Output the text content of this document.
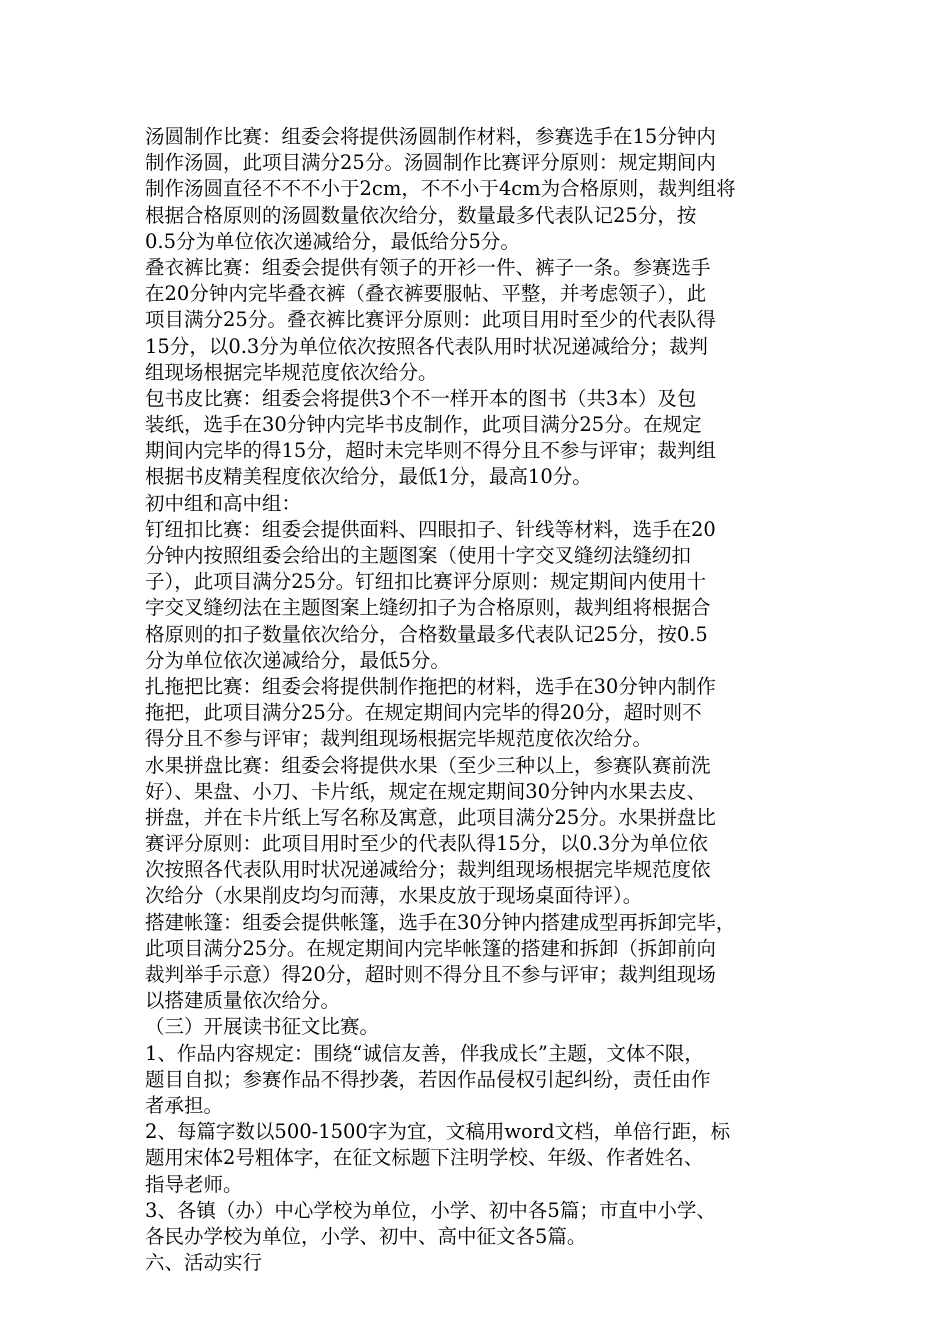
汤圆制作比赛：组委会将提供汤圆制作材料，参赛选手在15分钟内
制作汤圆，此项目满分25分。汤圆制作比赛评分原则：规定期间内
制作汤圆直径不不不小于2cm，不不小于4cm为合格原则，裁判组将
根据合格原则的汤圆数量依次给分，数量最多代表队记25分，按
0.5分为单位依次递减给分，最低给分5分。
叠衣裤比赛：组委会提供有领子的开衫一件、裤子一条。参赛选手
在20分钟内完毕叠衣裤（叠衣裤要服帖、平整，并考虑领子），此
项目满分25分。叠衣裤比赛评分原则：此项目用时至少的代表队得
15分，以0.3分为单位依次按照各代表队用时状况递减给分；裁判
组现场根据完毕规范度依次给分。
包书皮比赛：组委会将提供3个不一样开本的图书（共3本）及包
装纸，选手在30分钟内完毕书皮制作，此项目满分25分。在规定
期间内完毕的得15分，超时未完毕则不得分且不参与评审；裁判组
根据书皮精美程度依次给分，最低1分，最高10分。
初中组和高中组：
钉纽扣比赛：组委会提供面料、四眼扣子、针线等材料，选手在20
分钟内按照组委会给出的主题图案（使用十字交叉缝纫法缝纫扣
子），此项目满分25分。钉纽扣比赛评分原则：规定期间内使用十
字交叉缝纫法在主题图案上缝纫扣子为合格原则，裁判组将根据合
格原则的扣子数量依次给分，合格数量最多代表队记25分，按0.5
分为单位依次递减给分，最低5分。
扎拖把比赛：组委会将提供制作拖把的材料，选手在30分钟内制作
拖把，此项目满分25分。在规定期间内完毕的得20分，超时则不
得分且不参与评审；裁判组现场根据完毕规范度依次给分。
水果拼盘比赛：组委会将提供水果（至少三种以上，参赛队赛前洗
好）、果盘、小刀、卡片纸，规定在规定期间30分钟内水果去皮、
拼盘，并在卡片纸上写名称及寓意，此项目满分25分。水果拼盘比
赛评分原则：此项目用时至少的代表队得15分，以0.3分为单位依
次按照各代表队用时状况递减给分；裁判组现场根据完毕规范度依
次给分（水果削皮均匀而薄，水果皮放于现场桌面待评）。
搭建帐篷：组委会提供帐篷，选手在30分钟内搭建成型再拆卸完毕，
此项目满分25分。在规定期间内完毕帐篷的搭建和拆卸（拆卸前向
裁判举手示意）得20分，超时则不得分且不参与评审；裁判组现场
以搭建质量依次给分。
（三）开展读书征文比赛。
1、作品内容规定：围绕“诚信友善，伴我成长”主题，文体不限，
题目自拟；参赛作品不得抄袭，若因作品侵权引起纠纷，责任由作
者承担。
2、每篇字数以500-1500字为宜，文稿用word文档，单倍行距，标
题用宋体2号粗体字，在征文标题下注明学校、年级、作者姓名、
指导老师。
3、各镇（办）中心学校为单位，小学、初中各5篇；市直中小学、
各民办学校为单位，小学、初中、高中征文各5篇。
六、活动实行
